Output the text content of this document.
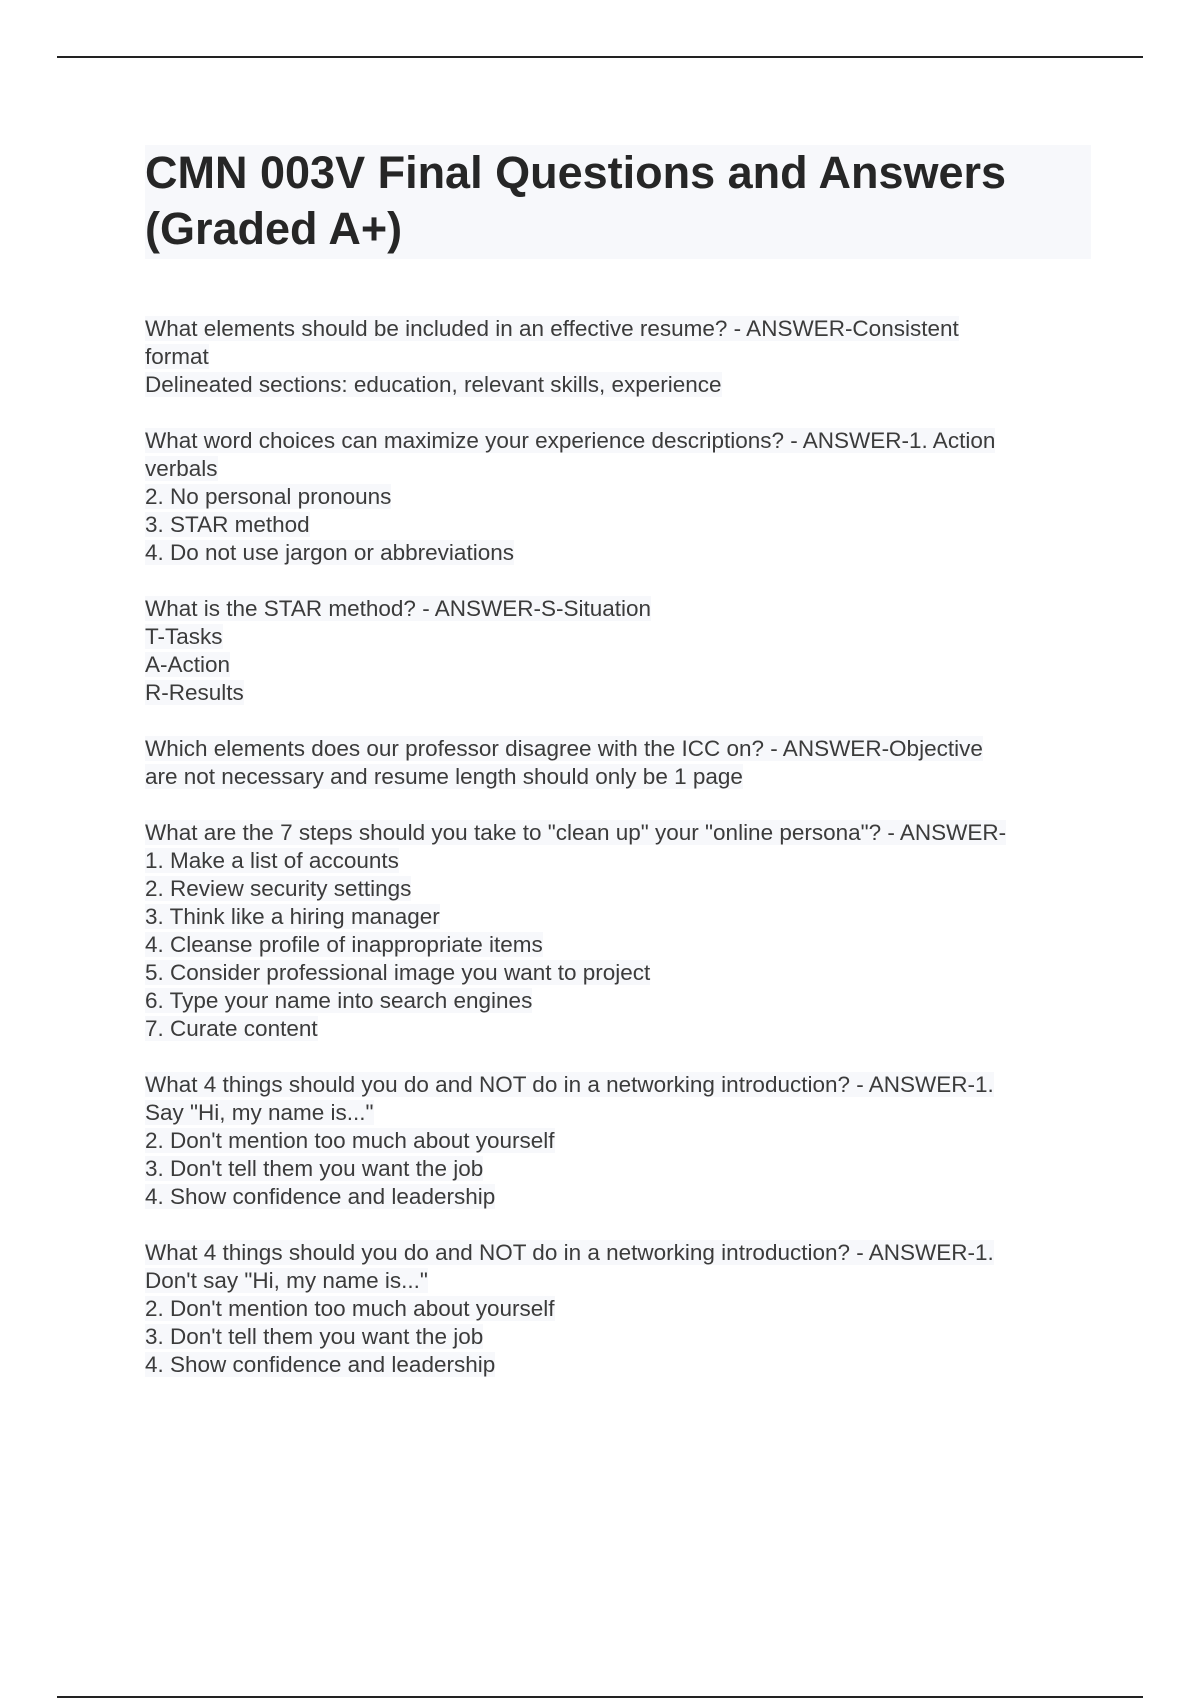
CMN 003V Final Questions and Answers
(Graded A+)
What elements should be included in an effective resume? - ANSWER-Consistent
format
Delineated sections: education, relevant skills, experience
What word choices can maximize your experience descriptions? - ANSWER-1. Action
verbals
2. No personal pronouns
3. STAR method
4. Do not use jargon or abbreviations
What is the STAR method? - ANSWER-S-Situation
T-Tasks
A-Action
R-Results
Which elements does our professor disagree with the ICC on? - ANSWER-Objective
are not necessary and resume length should only be 1 page
What are the 7 steps should you take to "clean up" your "online persona"? - ANSWER-
1. Make a list of accounts
2. Review security settings
3. Think like a hiring manager
4. Cleanse profile of inappropriate items
5. Consider professional image you want to project
6. Type your name into search engines
7. Curate content
What 4 things should you do and NOT do in a networking introduction? - ANSWER-1.
Say "Hi, my name is..."
2. Don't mention too much about yourself
3. Don't tell them you want the job
4. Show confidence and leadership
What 4 things should you do and NOT do in a networking introduction? - ANSWER-1.
Don't say "Hi, my name is..."
2. Don't mention too much about yourself
3. Don't tell them you want the job
4. Show confidence and leadership
